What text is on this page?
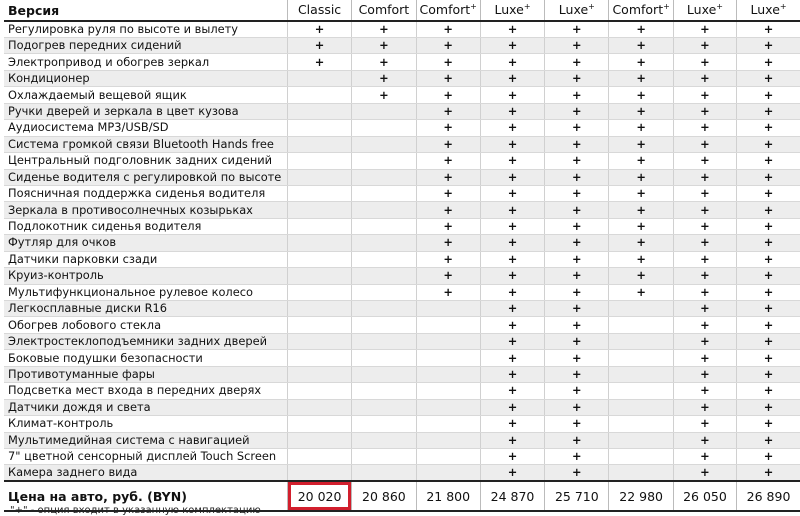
Версия	Classic	Comfort	Comfort+	Luxe+	Luxe+	Comfort+	Luxe+	Luxe+
Регулировка руля по высоте и вылету	+	+	+	+	+	+	+	+
Подогрев передних сидений	+	+	+	+	+	+	+	+
Электропривод и обогрев зеркал	+	+	+	+	+	+	+	+
Кондиционер		+	+	+	+	+	+	+
Охлаждаемый вещевой ящик		+	+	+	+	+	+	+
Ручки дверей и зеркала в цвет кузова			+	+	+	+	+	+
Аудиосистема MP3/USB/SD			+	+	+	+	+	+
Система громкой связи Bluetooth Hands free			+	+	+	+	+	+
Центральный подголовник задних сидений			+	+	+	+	+	+
Сиденье водителя с регулировкой по высоте			+	+	+	+	+	+
Поясничная поддержка сиденья водителя			+	+	+	+	+	+
Зеркала в противосолнечных козырьках			+	+	+	+	+	+
Подлокотник сиденья водителя			+	+	+	+	+	+
Футляр для очков			+	+	+	+	+	+
Датчики парковки сзади			+	+	+	+	+	+
Круиз-контроль			+	+	+	+	+	+
Мультифункциональное рулевое колесо			+	+	+	+	+	+
Легкосплавные диски R16				+	+		+	+
Обогрев лобового стекла				+	+		+	+
Электростеклоподъемники задних дверей				+	+		+	+
Боковые подушки безопасности				+	+		+	+
Противотуманные фары				+	+		+	+
Подсветка мест входа в передних дверях				+	+		+	+
Датчики дождя и света				+	+		+	+
Климат-контроль				+	+		+	+
Мультимедийная система с навигацией				+	+		+	+
7" цветной сенсорный дисплей Touch Screen				+	+		+	+
Камера заднего вида				+	+		+	+
Цена на авто, руб. (BYN)	20 020	20 860	21 800	24 870	25 710	22 980	26 050	26 890
"+" - опция входит в указанную комплектацию
